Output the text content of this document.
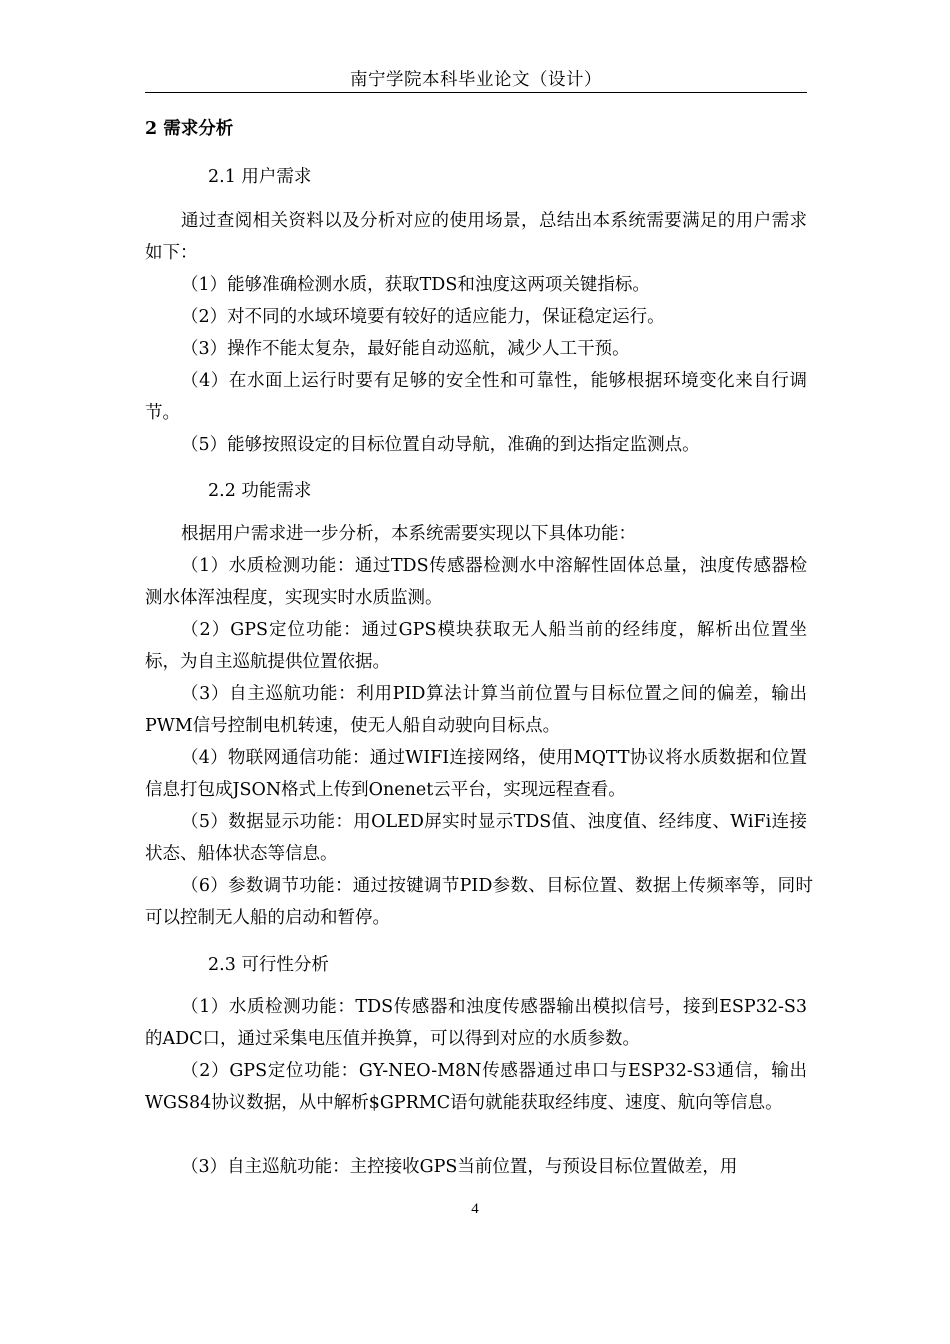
南宁学院本科毕业论文（设计）
2 需求分析
2.1 用户需求

通过查阅相关资料以及分析对应的使用场景，总结出本系统需要满足的用户需求如下：

（1）能够准确检测水质，获取TDS和浊度这两项关键指标。

（2）对不同的水域环境要有较好的适应能力，保证稳定运行。

（3）操作不能太复杂，最好能自动巡航，减少人工干预。

（4）在水面上运行时要有足够的安全性和可靠性，能够根据环境变化来自行调节。

（5）能够按照设定的目标位置自动导航，准确的到达指定监测点。

2.2 功能需求

根据用户需求进一步分析，本系统需要实现以下具体功能：

（1）水质检测功能：通过TDS传感器检测水中溶解性固体总量，浊度传感器检测水体浑浊程度，实现实时水质监测。

（2）GPS定位功能：通过GPS模块获取无人船当前的经纬度，解析出位置坐标，为自主巡航提供位置依据。

（3）自主巡航功能：利用PID算法计算当前位置与目标位置之间的偏差，输出PWM信号控制电机转速，使无人船自动驶向目标点。

（4）物联网通信功能：通过WIFI连接网络，使用MQTT协议将水质数据和位置信息打包成JSON格式上传到Onenet云平台，实现远程查看。

（5）数据显示功能：用OLED屏实时显示TDS值、浊度值、经纬度、WiFi连接状态、船体状态等信息。

（6）参数调节功能：通过按键调节PID参数、目标位置、数据上传频率等，同时可以控制无人船的启动和暂停。

2.3 可行性分析

（1）水质检测功能：TDS传感器和浊度传感器输出模拟信号，接到ESP32-S3的ADC口，通过采集电压值并换算，可以得到对应的水质参数。

（2）GPS定位功能：GY-NEO-M8N传感器通过串口与ESP32-S3通信，输出WGS84协议数据，从中解析$GPRMC语句就能获取经纬度、速度、航向等信息。

（3）自主巡航功能：主控接收GPS当前位置，与预设目标位置做差，用

4
